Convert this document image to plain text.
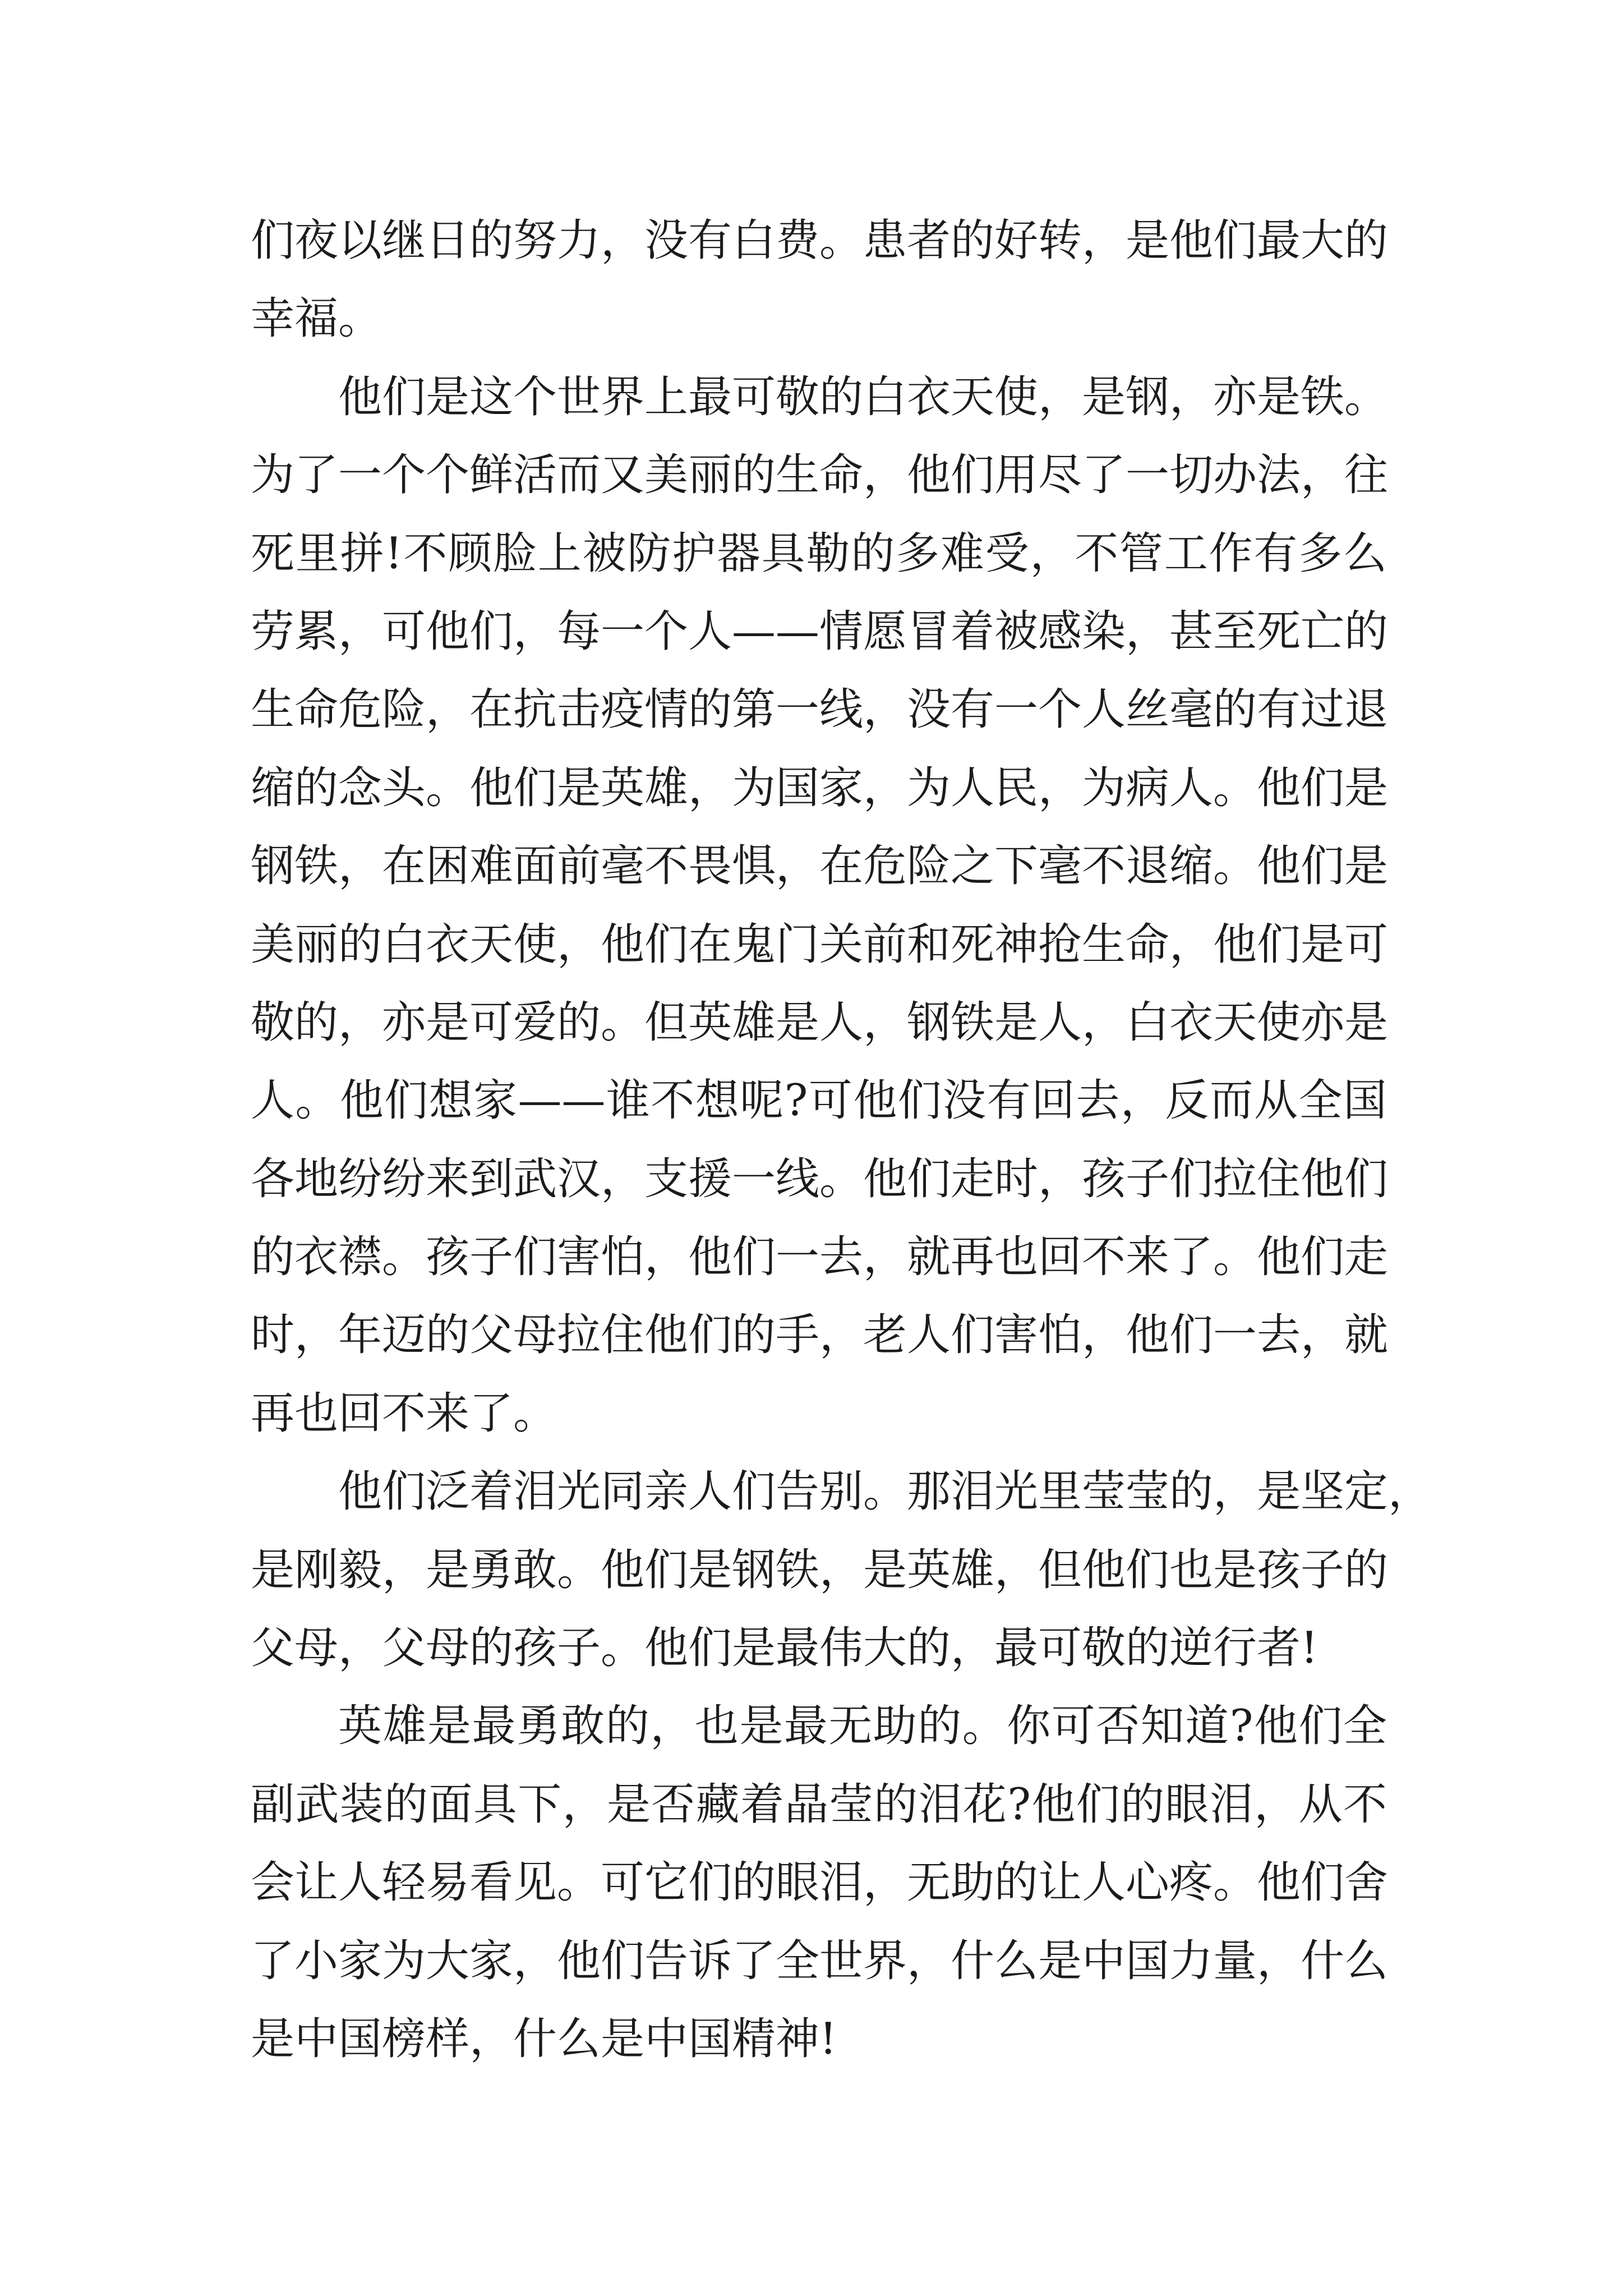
们夜以继日的努力，没有白费。患者的好转，是他们最大的
幸福。
他们是这个世界上最可敬的白衣天使，是钢，亦是铁。
为了一个个鲜活而又美丽的生命，他们用尽了一切办法，往
死里拼!不顾脸上被防护器具勒的多难受，不管工作有多么
劳累，可他们，每一个人——情愿冒着被感染，甚至死亡的
生命危险，在抗击疫情的第一线，没有一个人丝毫的有过退
缩的念头。他们是英雄，为国家，为人民，为病人。他们是
钢铁，在困难面前毫不畏惧，在危险之下毫不退缩。他们是
美丽的白衣天使，他们在鬼门关前和死神抢生命，他们是可
敬的，亦是可爱的。但英雄是人，钢铁是人，白衣天使亦是
人。他们想家——谁不想呢?可他们没有回去，反而从全国
各地纷纷来到武汉，支援一线。他们走时，孩子们拉住他们
的衣襟。孩子们害怕，他们一去，就再也回不来了。他们走
时，年迈的父母拉住他们的手，老人们害怕，他们一去，就
再也回不来了。
他们泛着泪光同亲人们告别。那泪光里莹莹的，是坚定，
是刚毅，是勇敢。他们是钢铁，是英雄，但他们也是孩子的
父母，父母的孩子。他们是最伟大的，最可敬的逆行者!
英雄是最勇敢的，也是最无助的。你可否知道?他们全
副武装的面具下，是否藏着晶莹的泪花?他们的眼泪，从不
会让人轻易看见。可它们的眼泪，无助的让人心疼。他们舍
了小家为大家，他们告诉了全世界，什么是中国力量，什么
是中国榜样，什么是中国精神!
